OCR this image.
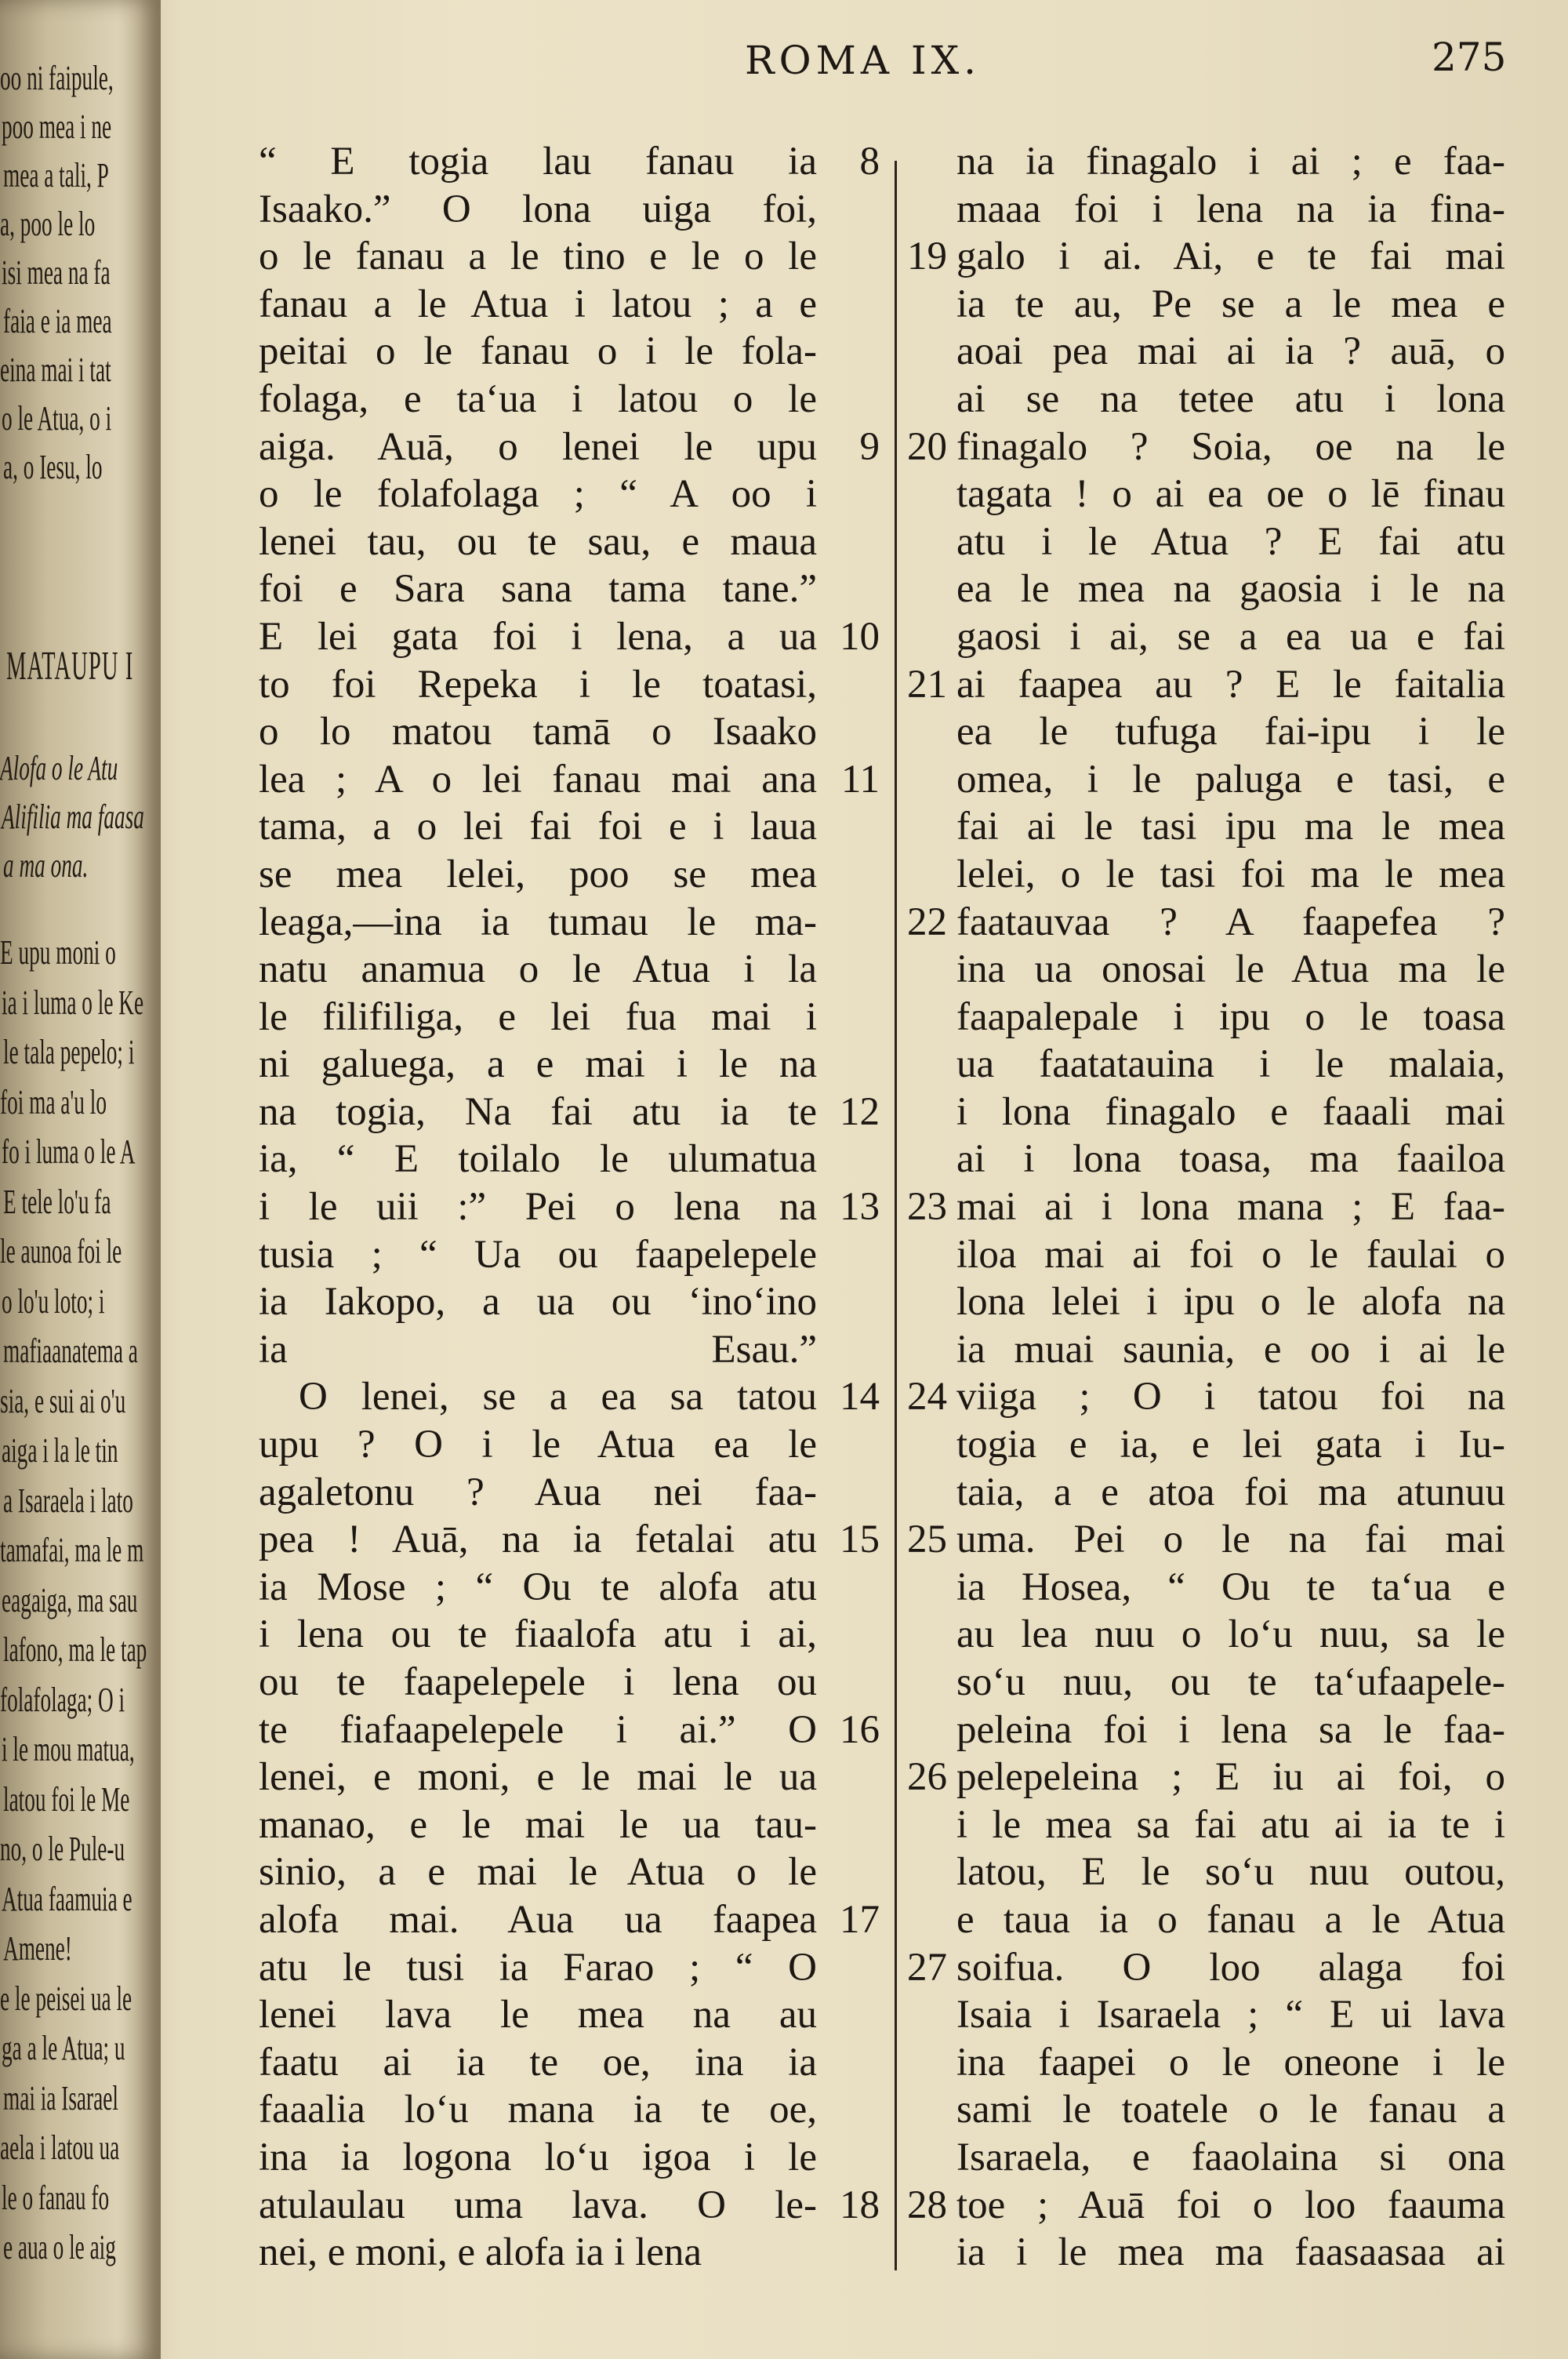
oo ni faipule,
poo mea i ne
mea a tali, P
a, poo le lo
isi mea na fa
faia e ia mea
eina mai i tat
o le Atua, o i
a, o Iesu, lo
MATAUPU I
Alofa o le Atu
Alifilia ma faasa
a ma ona.
E upu moni o
ia i luma o le Ke
le tala pepelo; i
foi ma a'u lo
fo i luma o le A
E tele lo'u fa
le aunoa foi le
o lo'u loto; i
mafiaanatema a
sia, e sui ai o'u
aiga i la le tin
a Isaraela i lato
tamafai, ma le m
eagaiga, ma sau
lafono, ma le tap
folafolaga; O i
i le mou matua,
latou foi le Me
no, o le Pule-u
Atua faamuia e
Amene!
e le peisei ua le
ga a le Atua; u
mai ia Isarael
aela i latou ua
le o fanau fo
e aua o le aig
ROMA IX.	275
“ E togia lau fanau ia	8
Isaako.” O lona uiga foi,
o le fanau a le tino e le o le
fanau a le Atua i latou ; a e
peitai o le fanau o i le fola-
folaga, e ta‘ua i latou o le
aiga. Auā, o lenei le upu	9
o le folafolaga ; “ A oo i
lenei tau, ou te sau, e maua
foi e Sara sana tama tane.”
E lei gata foi i lena, a ua 10
to foi Repeka i le toatasi,
o lo matou tamā o Isaako
lea ; A o lei fanau mai ana 11
tama, a o lei fai foi e i laua
se mea lelei, poo se mea
leaga,—ina ia tumau le ma-
natu anamua o le Atua i la
le filifiliga, e lei fua mai i
ni galuega, a e mai i le na
na togia, Na fai atu ia te 12
ia, “ E toilalo le ulumatua
i le uii :” Pei o lena na 13
tusia ; “ Ua ou faapelepele
ia Iakopo, a ua ou ‘ino‘ino
ia Esau.”
 O lenei, se a ea sa tatou 14
upu ? O i le Atua ea le
agaletonu ? Aua nei faa-
pea ! Auā, na ia fetalai atu 15
ia Mose ; “ Ou te alofa atu
i lena ou te fiaalofa atu i ai,
ou te faapelepele i lena ou
te fiafaapelepele i ai.” O 16
lenei, e moni, e le mai le ua
manao, e le mai le ua tau-
sinio, a e mai le Atua o le
alofa mai. Aua ua faapea 17
atu le tusi ia Farao ; “ O
lenei lava le mea na au
faatu ai ia te oe, ina ia
faaalia lo‘u mana ia te oe,
ina ia logona lo‘u igoa i le
atulaulau uma lava. O le- 18
nei, e moni, e alofa ia i lena
na ia finagalo i ai ; e faa-
maaa foi i lena na ia fina-
galo i ai. Ai, e te fai mai
19
ia te au, Pe se a le mea e
aoai pea mai ai ia ? auā, o
ai se na tetee atu i lona
finagalo ? Soia, oe na le
20
tagata ! o ai ea oe o lē finau
atu i le Atua ? E fai atu
ea le mea na gaosia i le na
gaosi i ai, se a ea ua e fai
ai faapea au ? E le faitalia
21
ea le tufuga fai-ipu i le
omea, i le paluga e tasi, e
fai ai le tasi ipu ma le mea
lelei, o le tasi foi ma le mea
faatauvaa ? A faapefea ?
22
ina ua onosai le Atua ma le
faapalepale i ipu o le toasa
ua faatatauina i le malaia,
i lona finagalo e faaali mai
ai i lona toasa, ma faailoa
mai ai i lona mana ; E faa-
23
iloa mai ai foi o le faulai o
lona lelei i ipu o le alofa na
ia muai saunia, e oo i ai le
viiga ; O i tatou foi na
24
togia e ia, e lei gata i Iu-
taia, a e atoa foi ma atunuu
uma. Pei o le na fai mai
25
ia Hosea, “ Ou te ta‘ua e
au lea nuu o lo‘u nuu, sa le
so‘u nuu, ou te ta‘ufaapele-
peleina foi i lena sa le faa-
pelepeleina ; E iu ai foi, o
26
i le mea sa fai atu ai ia te i
latou, E le so‘u nuu outou,
e taua ia o fanau a le Atua
soifua. O loo alaga foi
27
Isaia i Isaraela ; “ E ui lava
ina faapei o le oneone i le
sami le toatele o le fanau a
Isaraela, e faaolaina si ona
toe ; Auā foi o loo faauma
28
ia i le mea ma faasaasaa ai
